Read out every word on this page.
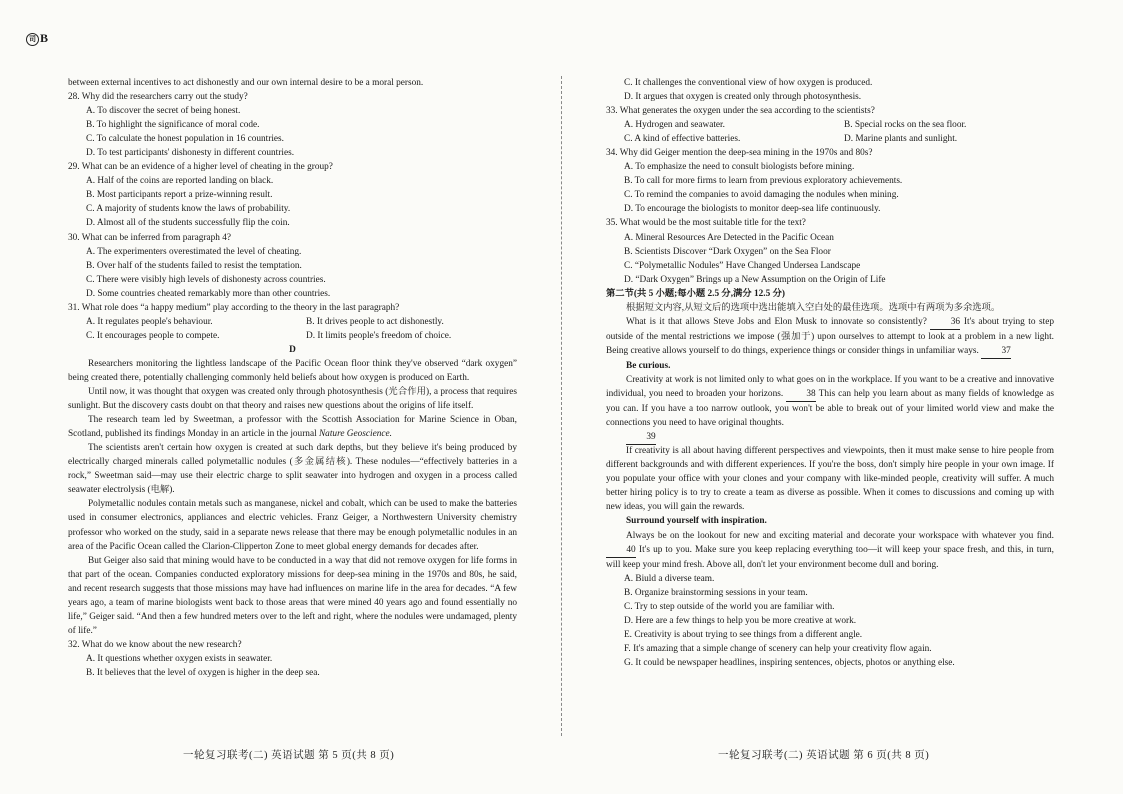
司 B
between external incentives to act dishonestly and our own internal desire to be a moral person.
28. Why did the researchers carry out the study?
A. To discover the secret of being honest.
B. To highlight the significance of moral code.
C. To calculate the honest population in 16 countries.
D. To test participants' dishonesty in different countries.
29. What can be an evidence of a higher level of cheating in the group?
A. Half of the coins are reported landing on black.
B. Most participants report a prize-winning result.
C. A majority of students know the laws of probability.
D. Almost all of the students successfully flip the coin.
30. What can be inferred from paragraph 4?
A. The experimenters overestimated the level of cheating.
B. Over half of the students failed to resist the temptation.
C. There were visibly high levels of dishonesty across countries.
D. Some countries cheated remarkably more than other countries.
31. What role does “a happy medium” play according to the theory in the last paragraph?
A. It regulates people's behaviour.	B. It drives people to act dishonestly.
C. It encourages people to compete.	D. It limits people's freedom of choice.
D
Researchers monitoring the lightless landscape of the Pacific Ocean floor think they've observed “dark oxygen” being created there, potentially challenging commonly held beliefs about how oxygen is produced on Earth.
Until now, it was thought that oxygen was created only through photosynthesis (光合作用), a process that requires sunlight. But the discovery casts doubt on that theory and raises new questions about the origins of life itself.
The research team led by Sweetman, a professor with the Scottish Association for Marine Science in Oban, Scotland, published its findings Monday in an article in the journal Nature Geoscience.
The scientists aren't certain how oxygen is created at such dark depths, but they believe it's being produced by electrically charged minerals called polymetallic nodules (多金属结核). These nodules—“effectively batteries in a rock,” Sweetman said—may use their electric charge to split seawater into hydrogen and oxygen in a process called seawater electrolysis (电解).
Polymetallic nodules contain metals such as manganese, nickel and cobalt, which can be used to make the batteries used in consumer electronics, appliances and electric vehicles. Franz Geiger, a Northwestern University chemistry professor who worked on the study, said in a separate news release that there may be enough polymetallic nodules in an area of the Pacific Ocean called the Clarion-Clipperton Zone to meet global energy demands for decades after.
But Geiger also said that mining would have to be conducted in a way that did not remove oxygen for life forms in that part of the ocean. Companies conducted exploratory missions for deep-sea mining in the 1970s and 80s, he said, and recent research suggests that those missions may have had influences on marine life in the area for decades. “A few years ago, a team of marine biologists went back to those areas that were mined 40 years ago and found essentially no life,” Geiger said. “And then a few hundred meters over to the left and right, where the nodules were undamaged, plenty of life.”
32. What do we know about the new research?
A. It questions whether oxygen exists in seawater.
B. It believes that the level of oxygen is higher in the deep sea.
C. It challenges the conventional view of how oxygen is produced.
D. It argues that oxygen is created only through photosynthesis.
33. What generates the oxygen under the sea according to the scientists?
A. Hydrogen and seawater.	B. Special rocks on the sea floor.
C. A kind of effective batteries.	D. Marine plants and sunlight.
34. Why did Geiger mention the deep-sea mining in the 1970s and 80s?
A. To emphasize the need to consult biologists before mining.
B. To call for more firms to learn from previous exploratory achievements.
C. To remind the companies to avoid damaging the nodules when mining.
D. To encourage the biologists to monitor deep-sea life continuously.
35. What would be the most suitable title for the text?
A. Mineral Resources Are Detected in the Pacific Ocean
B. Scientists Discover “Dark Oxygen” on the Sea Floor
C. “Polymetallic Nodules” Have Changed Undersea Landscape
D. “Dark Oxygen” Brings up a New Assumption on the Origin of Life
第二节(共 5 小题;每小题 2.5 分,满分 12.5 分)
根据短文内容,从短文后的选项中选出能填入空白处的最佳选项。选项中有两项为多余选项。
What is it that allows Steve Jobs and Elon Musk to innovate so consistently? 36 It's about trying to step outside of the mental restrictions we impose (强加于) upon ourselves to attempt to look at a problem in a new light. Being creative allows yourself to do things, experience things or consider things in unfamiliar ways. 37
Be curious.
Creativity at work is not limited only to what goes on in the workplace. If you want to be a creative and innovative individual, you need to broaden your horizons. 38 This can help you learn about as many fields of knowledge as you can. If you have a too narrow outlook, you won't be able to break out of your limited world view and make the connections you need to have original thoughts.
39
If creativity is all about having different perspectives and viewpoints, then it must make sense to hire people from different backgrounds and with different experiences. If you're the boss, don't simply hire people in your own image. If you populate your office with your clones and your company with like-minded people, creativity will suffer. A much better hiring policy is to try to create a team as diverse as possible. When it comes to discussions and coming up with new ideas, you will gain the rewards.
Surround yourself with inspiration.
Always be on the lookout for new and exciting material and decorate your workspace with whatever you find. 40 It's up to you. Make sure you keep replacing everything too—it will keep your space fresh, and this, in turn, will keep your mind fresh. Above all, don't let your environment become dull and boring.
A. Biuld a diverse team.
B. Organize brainstorming sessions in your team.
C. Try to step outside of the world you are familiar with.
D. Here are a few things to help you be more creative at work.
E. Creativity is about trying to see things from a different angle.
F. It's amazing that a simple change of scenery can help your creativity flow again.
G. It could be newspaper headlines, inspiring sentences, objects, photos or anything else.
一轮复习联考(二) 英语试题 第 5 页(共 8 页)	一轮复习联考(二) 英语试题 第 6 页(共 8 页)
